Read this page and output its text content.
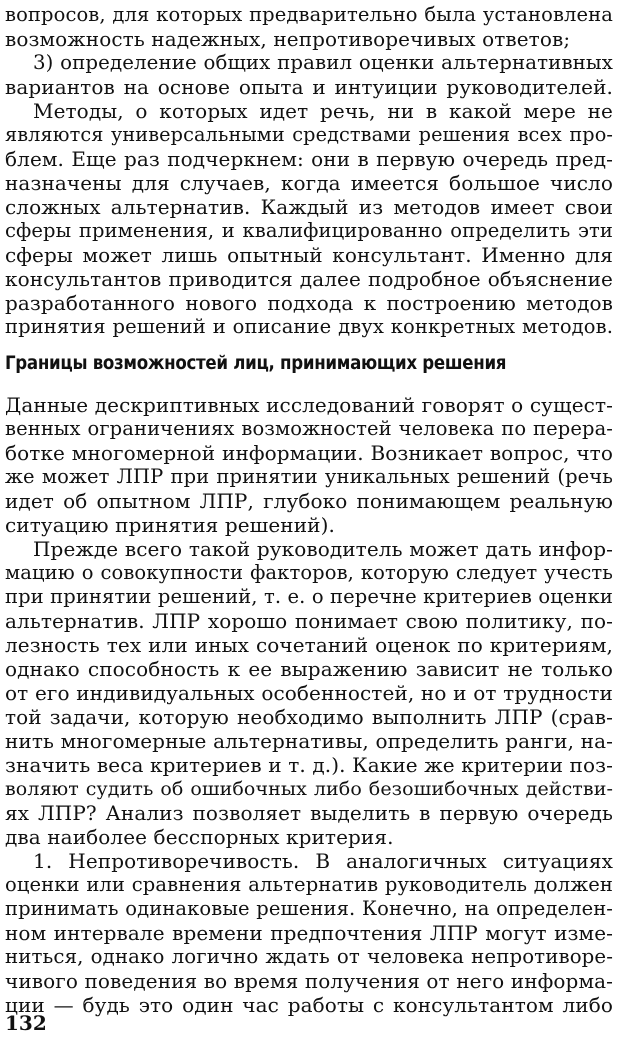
вопросов, для которых предварительно была установлена
возможность надежных, непротиворечивых ответов;
3) определение общих правил оценки альтернативных
вариантов на основе опыта и интуиции руководителей.
Методы, о которых идет речь, ни в какой мере не
являются универсальными средствами решения всех про-
блем. Еще раз подчеркнем: они в первую очередь пред-
назначены для случаев, когда имеется большое число
сложных альтернатив. Каждый из методов имеет свои
сферы применения, и квалифицированно определить эти
сферы может лишь опытный консультант. Именно для
консультантов приводится далее подробное объяснение
разработанного нового подхода к построению методов
принятия решений и описание двух конкретных методов.
Границы возможностей лиц, принимающих решения
Данные дескриптивных исследований говорят о сущест-
венных ограничениях возможностей человека по перера-
ботке многомерной информации. Возникает вопрос, что
же может ЛПР при принятии уникальных решений (речь
идет об опытном ЛПР, глубоко понимающем реальную
ситуацию принятия решений).
Прежде всего такой руководитель может дать инфор-
мацию о совокупности факторов, которую следует учесть
при принятии решений, т. е. о перечне критериев оценки
альтернатив. ЛПР хорошо понимает свою политику, по-
лезность тех или иных сочетаний оценок по критериям,
однако способность к ее выражению зависит не только
от его индивидуальных особенностей, но и от трудности
той задачи, которую необходимо выполнить ЛПР (срав-
нить многомерные альтернативы, определить ранги, на-
значить веса критериев и т. д.). Какие же критерии поз-
воляют судить об ошибочных либо безошибочных действи-
ях ЛПР? Анализ позволяет выделить в первую очередь
два наиболее бесспорных критерия.
1. Непротиворечивость. В аналогичных ситуациях
оценки или сравнения альтернатив руководитель должен
принимать одинаковые решения. Конечно, на определен-
ном интервале времени предпочтения ЛПР могут изме-
ниться, однако логично ждать от человека непротиворе-
чивого поведения во время получения от него информа-
ции — будь это один час работы с консультантом либо
132
